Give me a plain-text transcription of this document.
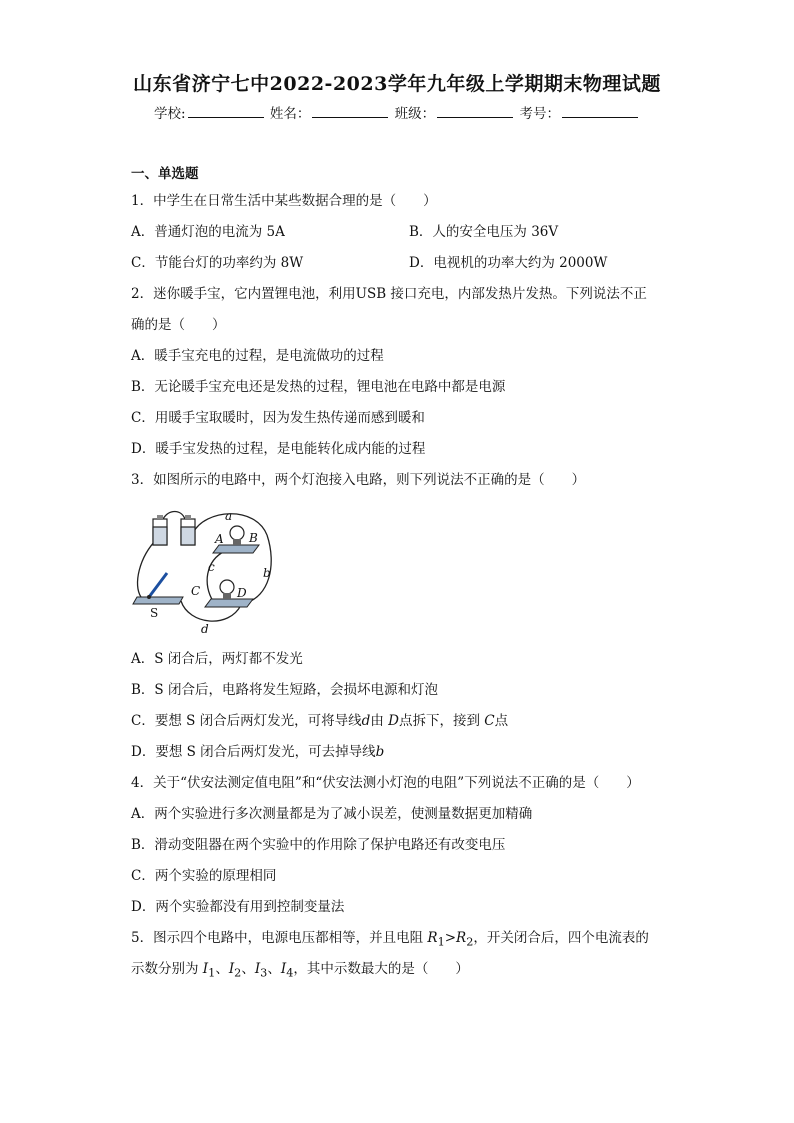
山东省济宁七中2022-2023学年九年级上学期期末物理试题
学校:	姓名：	班级：	考号：
一、单选题
1．中学生在日常生活中某些数据合理的是（　　）
A．普通灯泡的电流为 5A	B．人的安全电压为 36V
C．节能台灯的功率约为 8W	D．电视机的功率大约为 2000W
2．迷你暖手宝，它内置锂电池，利用USB 接口充电，内部发热片发热。下列说法不正
确的是（　　）
A．暖手宝充电的过程，是电流做功的过程
B．无论暖手宝充电还是发热的过程，锂电池在电路中都是电源
C．用暖手宝取暖时，因为发生热传递而感到暖和
D．暖手宝发热的过程，是电能转化成内能的过程
3．如图所示的电路中，两个灯泡接入电路，则下列说法不正确的是（　　）
a
A B
b
c
C	D
d
S
A．S 闭合后，两灯都不发光
B．S 闭合后，电路将发生短路，会损坏电源和灯泡
C．要想 S 闭合后两灯发光，可将导线d由 D点拆下，接到 C点
D．要想 S 闭合后两灯发光，可去掉导线b
4．关于“伏安法测定值电阻”和“伏安法测小灯泡的电阻”下列说法不正确的是（　　）
A．两个实验进行多次测量都是为了减小误差，使测量数据更加精确
B．滑动变阻器在两个实验中的作用除了保护电路还有改变电压
C．两个实验的原理相同
D．两个实验都没有用到控制变量法
5．图示四个电路中，电源电压都相等，并且电阻 $R_1>R_2$，开关闭合后，四个电流表的
示数分别为 $I_1$、$I_2$、$I_3$、$I_4$，其中示数最大的是（　　）
